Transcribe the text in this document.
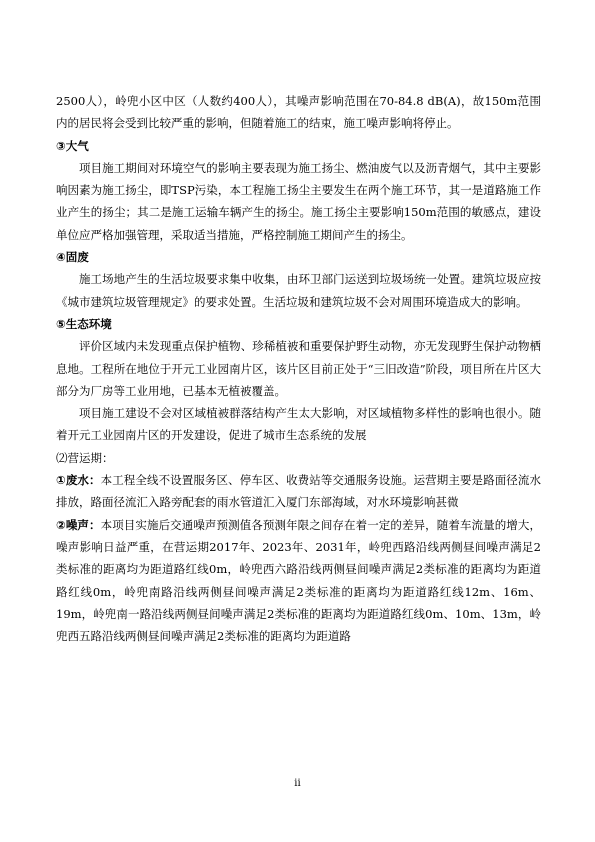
2500人），岭兜小区中区（人数约400人），其噪声影响范围在70-84.8 dB(A)，故150m范围内的居民将会受到比较严重的影响，但随着施工的结束，施工噪声影响将停止。

③大气

项目施工期间对环境空气的影响主要表现为施工扬尘、燃油废气以及沥青烟气，其中主要影响因素为施工扬尘，即TSP污染，本工程施工扬尘主要发生在两个施工环节，其一是道路施工作业产生的扬尘；其二是施工运输车辆产生的扬尘。施工扬尘主要影响150m范围的敏感点，建设单位应严格加强管理，采取适当措施，严格控制施工期间产生的扬尘。

④固废

施工场地产生的生活垃圾要求集中收集，由环卫部门运送到垃圾场统一处置。建筑垃圾应按《城市建筑垃圾管理规定》的要求处置。生活垃圾和建筑垃圾不会对周围环境造成大的影响。

⑤生态环境

评价区域内未发现重点保护植物、珍稀植被和重要保护野生动物，亦无发现野生保护动物栖息地。工程所在地位于开元工业园南片区，该片区目前正处于“三旧改造”阶段，项目所在片区大部分为厂房等工业用地，已基本无植被覆盖。

项目施工建设不会对区域植被群落结构产生太大影响，对区域植物多样性的影响也很小。随着开元工业园南片区的开发建设，促进了城市生态系统的发展

⑵营运期：

①废水：本工程全线不设置服务区、停车区、收费站等交通服务设施。运营期主要是路面径流水排放，路面径流汇入路旁配套的雨水管道汇入厦门东部海域，对水环境影响甚微

②噪声：本项目实施后交通噪声预测值各预测年限之间存在着一定的差异，随着车流量的增大，噪声影响日益严重，在营运期2017年、2023年、2031年，岭兜西路沿线两侧昼间噪声满足2类标准的距离均为距道路红线0m，岭兜西六路沿线两侧昼间噪声满足2类标准的距离均为距道路红线0m，岭兜南路沿线两侧昼间噪声满足2类标准的距离均为距道路红线12m、16m、19m，岭兜南一路沿线两侧昼间噪声满足2类标准的距离均为距道路红线0m、10m、13m，岭兜西五路沿线两侧昼间噪声满足2类标准的距离均为距道路

ii
